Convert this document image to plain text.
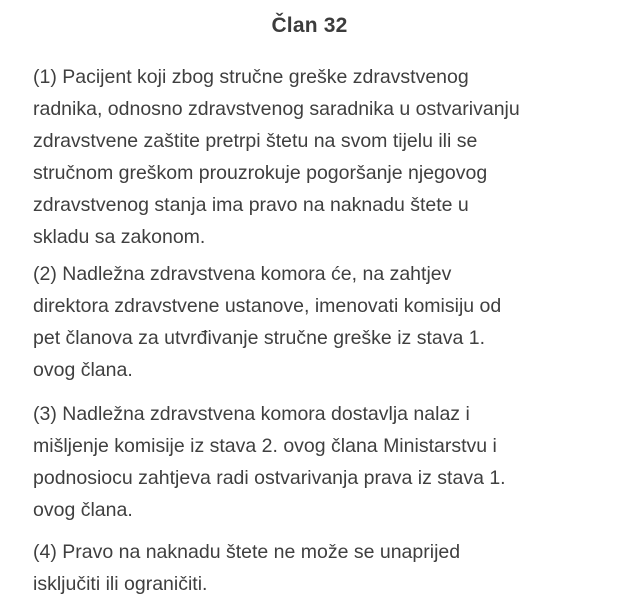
Član 32

(1) Pacijent koji zbog stručne greške zdravstvenog
radnika, odnosno zdravstvenog saradnika u ostvarivanju
zdravstvene zaštite pretrpi štetu na svom tijelu ili se
stručnom greškom prouzrokuje pogoršanje njegovog
zdravstvenog stanja ima pravo na naknadu štete u
skladu sa zakonom.

(2) Nadležna zdravstvena komora će, na zahtjev
direktora zdravstvene ustanove, imenovati komisiju od
pet članova za utvrđivanje stručne greške iz stava 1.
ovog člana.

(3) Nadležna zdravstvena komora dostavlja nalaz i
mišljenje komisije iz stava 2. ovog člana Ministarstvu i
podnosiocu zahtjeva radi ostvarivanja prava iz stava 1.
ovog člana.

(4) Pravo na naknadu štete ne može se unaprijed
isključiti ili ograničiti.
